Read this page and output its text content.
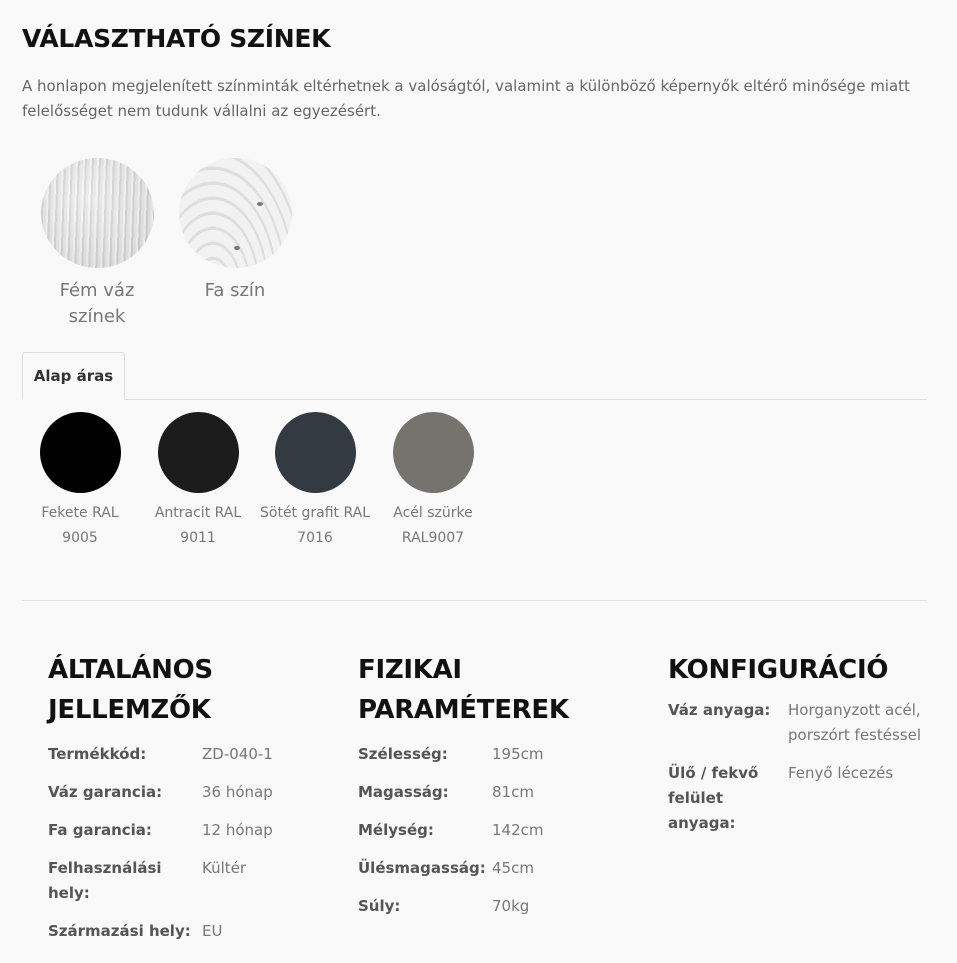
VÁLASZTHATÓ SZÍNEK

A honlapon megjelenített színminták eltérhetnek a valóságtól, valamint a különböző képernyők eltérő minősége miatt felelősséget nem tudunk vállalni az egyezésért.

Fém váz színek
Fa szín
Alap áras
Fekete RAL
9005
Antracit RAL
9011
Sötét grafit RAL
7016
Acél szürke
RAL9007
ÁLTALÁNOS
JELLEMZŐK
Termékkód:	ZD-040-1
Váz garancia:	36 hónap
Fa garancia:	12 hónap
Felhasználási hely:	Kültér
Származási hely:	EU
FIZIKAI
PARAMÉTEREK
Szélesség:	195cm
Magasság:	81cm
Mélység:	142cm
Ülésmagasság:	45cm
Súly:	70kg
KONFIGURÁCIÓ
Váz anyaga:	Horganyzott acél, porszórt festéssel
Ülő / fekvő felület anyaga:	Fenyő lécezés
